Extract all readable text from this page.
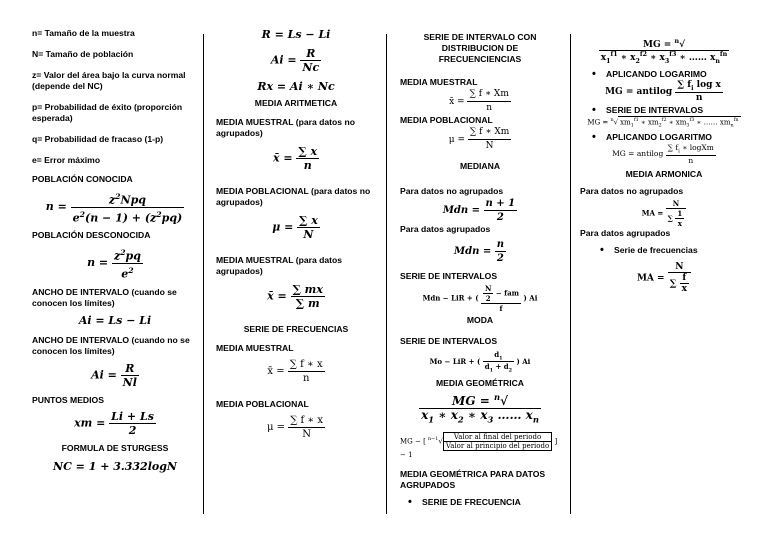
n= Tamaño de la muestra

N= Tamaño de población

z= Valor del área bajo la curva normal (depende del NC)

p= Probabilidad de éxito (proporción esperada)

q= Probabilidad de fracaso (1-p)

e= Error máximo

POBLACIÓN CONOCIDA

$n = \frac{z^2Npq}{e^2(n - 1) + (z^2pq)}$

POBLACIÓN DESCONOCIDA

$n = \frac{z^2pq}{e^2}$

ANCHO DE INTERVALO (cuando se conocen los límites)

Ai = Ls − Li

ANCHO DE INTERVALO (cuando no se conocen los límites)

$Ai = \frac{R}{Nl}$

PUNTOS MEDIOS

xm = $\frac{Li + Ls}{2}$

FORMULA DE STURGESS

NC = 1 + 3.332logN
R = Ls − Li
$Ai = \frac{R}{Nc}$
Rx = Ai ∗ Nc

MEDIA ARITMETICA

MEDIA MUESTRAL (para datos no agrupados)

x̄ = $\frac{\sum x}{n}$

MEDIA POBLACIONAL (para datos no agrupados)

$\mu = \frac{\sum x}{N}$

MEDIA MUESTRAL (para datos agrupados)

x̄ = $\frac{\sum mx}{\sum m}$

SERIE DE FRECUENCIAS

MEDIA MUESTRAL

x̄ = $\frac{\sum f ∗ x}{n}$

MEDIA POBLACIONAL

$\mu = \frac{\sum f ∗ x}{N}$

SERIE DE INTERVALO CON DISTRIBUCION DE FRECUENCIENCIAS

MEDIA MUESTRAL

x̄ = $\frac{\sum f ∗ Xm}{n}$

MEDIA POBLACIONAL

$\mu = \frac{\sum f ∗ Xm}{N}$

MEDIANA

Para datos no agrupados

Mdn = $\frac{n + 1}{2}$

Para datos agrupados

Mdn = $\frac{n}{2}$

SERIE DE INTERVALOS

Mdn − LiR + ( $\frac{\frac{N}{2} - fam}{f}$ ) Ai

MODA

SERIE DE INTERVALOS

Mo − LiR + ( $\frac{d_1}{d_1 + d_2}$ ) Ai

MEDIA GEOMÉTRICA

MG = $^n√x_1$ ∗ $x_2$ ∗ $x_3$ …… $x_n$
MG − [ $^{n-1}√ \frac{\text{Valor al final del periodo}}{\text{Valor al principio del periodo}}$ ] − 1

MEDIA GEOMÉTRICA PARA DATOS AGRUPADOS

• SERIE DE FRECUENCIA
MG = $^n√x_1^{f1}$ ∗ $x_2^{f2}$ ∗ $x_3^{f3}$ ∗ …… $x_n^{fn}$
• APLICANDO LOGARIMO
MG = antilog $\frac{\sum f_i \log x}{n}$
• SERIE DE INTERVALOS
MG = $^n$√ $xm_1^{f1}$ ∗ $xm_2^{f2}$ ∗ $xm_3^{f3}$ ∗ …… $xm_n^{fn}$
• APLICANDO LOGARITMO
MG = antilog $\frac{\sum f_i ∗ logXm}{n}$

MEDIA ARMONICA

Para datos no agrupados

MA = $\frac{N}{\sum \frac{1}{x}}$

Para datos agrupados

• Serie de frecuencias
MA = $\frac{N}{\sum \frac{f}{x}}$
